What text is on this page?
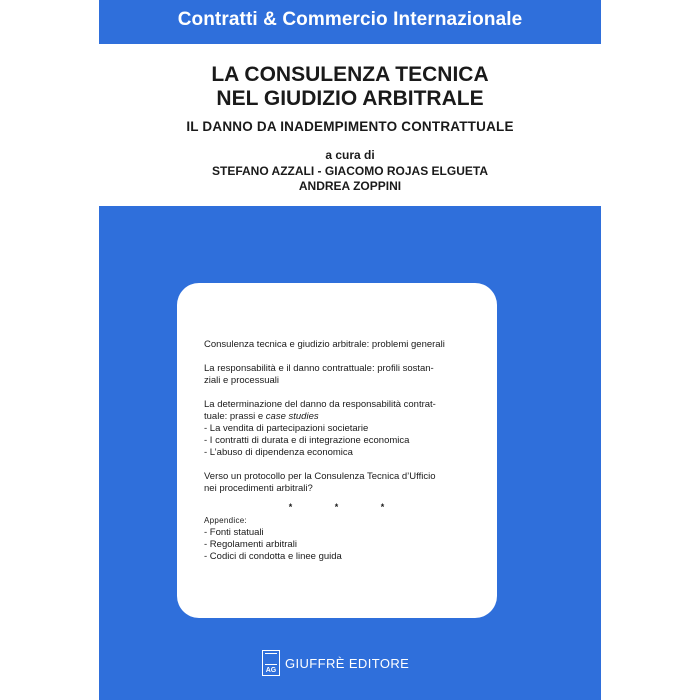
Contratti & Commercio Internazionale
LA CONSULENZA TECNICA
NEL GIUDIZIO ARBITRALE
IL DANNO DA INADEMPIMENTO CONTRATTUALE
a cura di
STEFANO AZZALI - GIACOMO ROJAS ELGUETA
ANDREA ZOPPINI

Consulenza tecnica e giudizio arbitrale: problemi generali

La responsabilità e il danno contrattuale: profili sostan-
ziali e processuali

La determinazione del danno da responsabilità contrat-
tuale: prassi e case studies
- La vendita di partecipazioni societarie
- I contratti di durata e di integrazione economica
- L’abuso di dipendenza economica

Verso un protocollo per la Consulenza Tecnica d’Ufficio
nei procedimenti arbitrali?

* * *
Appendice:
- Fonti statuali
- Regolamenti arbitrali
- Codici di condotta e linee guida
AG GIUFFRÈ EDITORE
